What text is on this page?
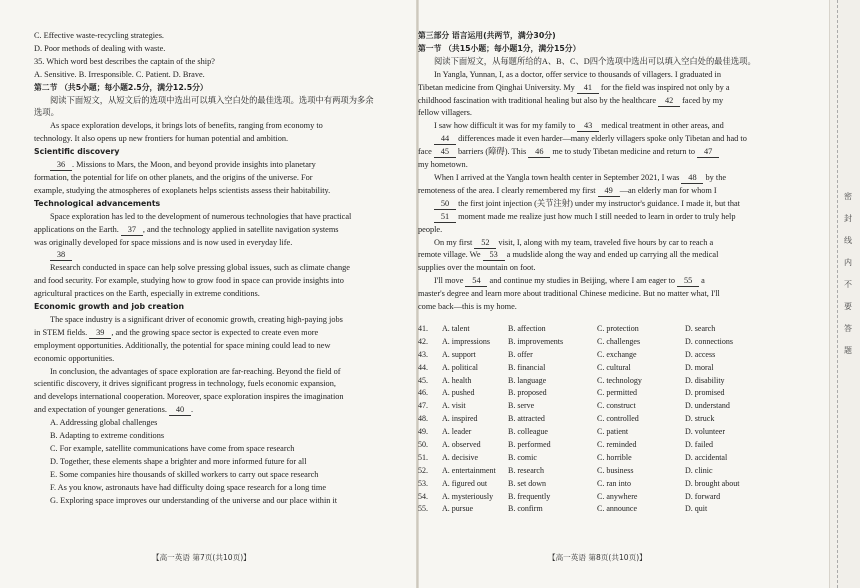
C. Effective waste-recycling strategies.
D. Poor methods of dealing with waste.
35. Which word best describes the captain of the ship?
A. Sensitive. B. Irresponsible. C. Patient. D. Brave.
第二节 （共5小题；每小题2.5分，满分12.5分）
阅读下面短文，从短文后的选项中选出可以填入空白处的最佳选项。选项中有两项为多余
选项。
As space exploration develops, it brings lots of benefits, ranging from economy to
technology. It also opens up new frontiers for human potential and ambition.
Scientific discovery
36 . Missions to Mars, the Moon, and beyond provide insights into planetary
formation, the potential for life on other planets, and the origins of the universe. For
example, studying the atmospheres of exoplanets helps scientists assess their habitability.
Technological advancements
Space exploration has led to the development of numerous technologies that have practical
applications on the Earth. 37 , and the technology applied in satellite navigation systems
was originally developed for space missions and is now used in everyday life.
38
Research conducted in space can help solve pressing global issues, such as climate change
and food security. For example, studying how to grow food in space can provide insights into
agricultural practices on the Earth, especially in extreme conditions.
Economic growth and job creation
The space industry is a significant driver of economic growth, creating high-paying jobs
in STEM fields. 39 , and the growing space sector is expected to create even more
employment opportunities. Additionally, the potential for space mining could lead to new
economic opportunities.
In conclusion, the advantages of space exploration are far-reaching. Beyond the field of
scientific discovery, it drives significant progress in technology, fuels economic expansion,
and develops international cooperation. Moreover, space exploration inspires the imagination
and expectation of younger generations. 40 .
A. Addressing global challenges
B. Adapting to extreme conditions
C. For example, satellite communications have come from space research
D. Together, these elements shape a brighter and more informed future for all
E. Some companies hire thousands of skilled workers to carry out space research
F. As you know, astronauts have had difficulty doing space research for a long time
G. Exploring space improves our understanding of the universe and our place within it
第三部分 语言运用(共两节，满分30分)
第一节 （共15小题；每小题1分，满分15分）
阅读下面短文，从每题所给的A、B、C、D四个选项中选出可以填入空白处的最佳选项。
In Yangla, Yunnan, I, as a doctor, offer service to thousands of villagers. I graduated in
Tibetan medicine from Qinghai University. My 41 for the field was inspired not only by a
childhood fascination with traditional healing but also by the healthcare 42 faced by my
fellow villagers.
I saw how difficult it was for my family to 43 medical treatment in other areas, and
44 differences made it even harder—many elderly villagers spoke only Tibetan and had to
face 45 barriers (障碍). This 46 me to study Tibetan medicine and return to 47
my hometown.
When I arrived at the Yangla town health center in September 2021, I was 48 by the
remoteness of the area. I clearly remembered my first 49 —an elderly man for whom I
50 the first joint injection (关节注射) under my instructor's guidance. I made it, but that
51 moment made me realize just how much I still needed to learn in order to truly help
people.
On my first 52 visit, I, along with my team, traveled five hours by car to reach a
remote village. We 53 a mudslide along the way and ended up carrying all the medical
supplies over the mountain on foot.
I'll move 54 and continue my studies in Beijing, where I am eager to 55 a
master's degree and learn more about traditional Chinese medicine. But no matter what, I'll
come back—this is my home.
41.	A. talent	B. affection	C. protection	D. search
42.	A. impressions	B. improvements	C. challenges	D. connections
43.	A. support	B. offer	C. exchange	D. access
44.	A. political	B. financial	C. cultural	D. moral
45.	A. health	B. language	C. technology	D. disability
46.	A. pushed	B. proposed	C. permitted	D. promised
47.	A. visit	B. serve	C. construct	D. understand
48.	A. inspired	B. attracted	C. controlled	D. struck
49.	A. leader	B. colleague	C. patient	D. volunteer
50.	A. observed	B. performed	C. reminded	D. failed
51.	A. decisive	B. comic	C. horrible	D. accidental
52.	A. entertainment	B. research	C. business	D. clinic
53.	A. figured out	B. set down	C. ran into	D. brought about
54.	A. mysteriously	B. frequently	C. anywhere	D. forward
55.	A. pursue	B. confirm	C. announce	D. quit
【高一英语 第7页(共10页)】	【高一英语 第8页(共10页)】
密 封 线 内 不 要 答 题
